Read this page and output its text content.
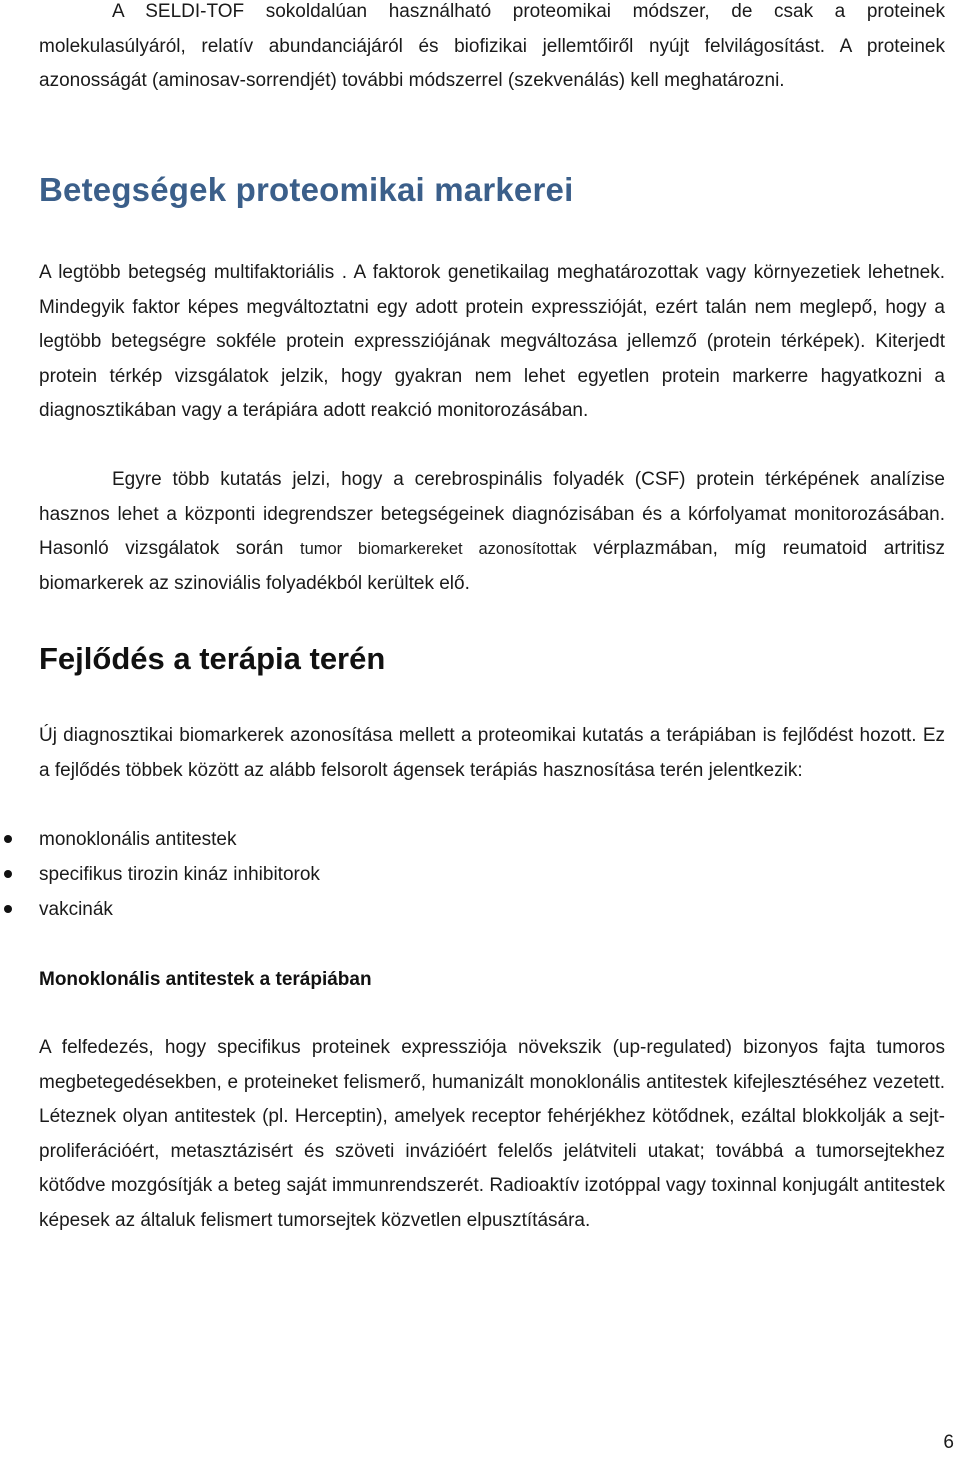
A SELDI-TOF sokoldalúan használható proteomikai módszer, de csak a proteinek molekulasúlyáról, relatív abundanciájáról és biofizikai jellemtőiről nyújt felvilágosítást. A proteinek azonosságát (aminosav-sorrendjét) további módszerrel (szekvenálás) kell meghatározni.

Betegségek proteomikai markerei

A legtöbb betegség multifaktoriális . A faktorok genetikailag meghatározottak vagy környezetiek lehetnek. Mindegyik faktor képes megváltoztatni egy adott protein expresszióját, ezért talán nem meglepő, hogy a legtöbb betegségre sokféle protein expressziójának megváltozása jellemző (protein térképek). Kiterjedt protein térkép vizsgálatok jelzik, hogy gyakran nem lehet egyetlen protein markerre hagyatkozni a diagnosztikában vagy a terápiára adott reakció monitorozásában.

Egyre több kutatás jelzi, hogy a cerebrospinális folyadék (CSF) protein térképének analízise hasznos lehet a központi idegrendszer betegségeinek diagnózisában és a kórfolyamat monitorozásában. Hasonló vizsgálatok során tumor biomarkereket azonosítottak vérplazmában, míg reumatoid artritisz biomarkerek az szinoviális folyadékból kerültek elő.

Fejlődés a terápia terén

Új diagnosztikai biomarkerek azonosítása mellett a proteomikai kutatás a terápiában is fejlődést hozott. Ez a fejlődés többek között az alább felsorolt ágensek terápiás hasznosítása terén jelentkezik:

monoklonális antitestek
specifikus tirozin kináz inhibitorok
vakcinák
Monoklonális antitestek a terápiában

A felfedezés, hogy specifikus proteinek expressziója növekszik (up-regulated) bizonyos fajta tumoros megbetegedésekben, e proteineket felismerő, humanizált monoklonális antitestek kifejlesztéséhez vezetett. Léteznek olyan antitestek (pl. Herceptin), amelyek receptor fehérjékhez kötődnek, ezáltal blokkolják a sejt-proliferációért, metasztázisért és szöveti invázióért felelős jelátviteli utakat; továbbá a tumorsejtekhez kötődve mozgósítják a beteg saját immunrendszerét. Radioaktív izotóppal vagy toxinnal konjugált antitestek képesek az általuk felismert tumorsejtek közvetlen elpusztítására.

6
